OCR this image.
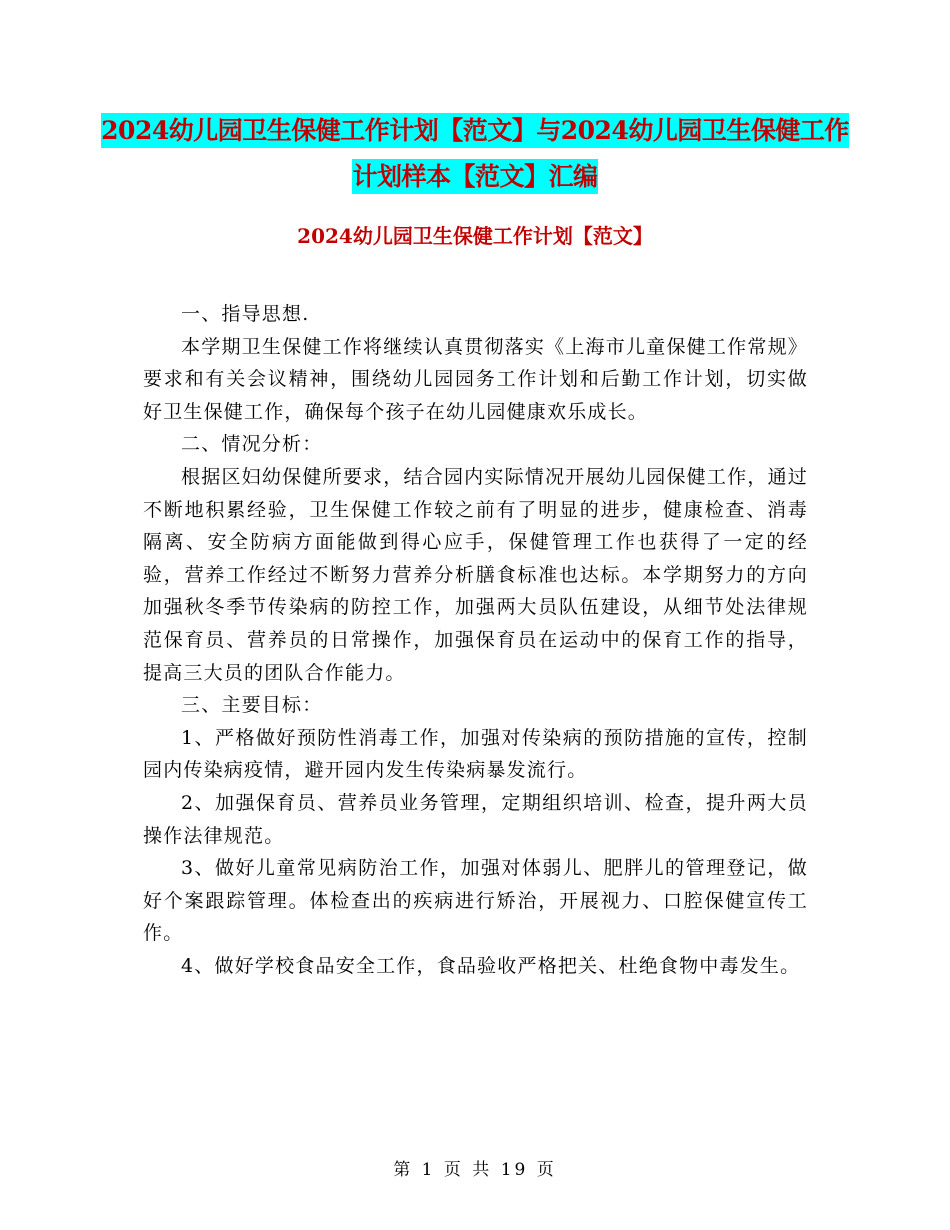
2024幼儿园卫生保健工作计划【范文】与2024幼儿园卫生保健工作计划样本【范文】汇编
2024幼儿园卫生保健工作计划【范文】

一、指导思想.

本学期卫生保健工作将继续认真贯彻落实《上海市儿童保健工作常规》要求和有关会议精神，围绕幼儿园园务工作计划和后勤工作计划，切实做好卫生保健工作，确保每个孩子在幼儿园健康欢乐成长。

二、情况分析：

根据区妇幼保健所要求，结合园内实际情况开展幼儿园保健工作，通过不断地积累经验，卫生保健工作较之前有了明显的进步，健康检查、消毒隔离、安全防病方面能做到得心应手，保健管理工作也获得了一定的经验，营养工作经过不断努力营养分析膳食标准也达标。本学期努力的方向加强秋冬季节传染病的防控工作，加强两大员队伍建设，从细节处法律规范保育员、营养员的日常操作，加强保育员在运动中的保育工作的指导，提高三大员的团队合作能力。

三、主要目标：

1、严格做好预防性消毒工作，加强对传染病的预防措施的宣传，控制园内传染病疫情，避开园内发生传染病暴发流行。

2、加强保育员、营养员业务管理，定期组织培训、检查，提升两大员操作法律规范。

3、做好儿童常见病防治工作，加强对体弱儿、肥胖儿的管理登记，做好个案跟踪管理。体检查出的疾病进行矫治，开展视力、口腔保健宣传工作。

4、做好学校食品安全工作，食品验收严格把关、杜绝食物中毒发生。

第 1 页 共 19 页
